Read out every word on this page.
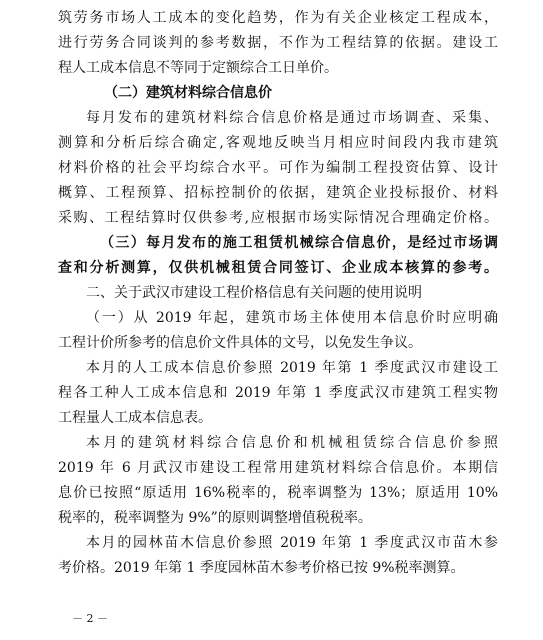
筑劳务市场人工成本的变化趋势，作为有关企业核定工程成本，
进行劳务合同谈判的参考数据，不作为工程结算的依据。建设工
程人工成本信息不等同于定额综合工日单价。
（二）建筑材料综合信息价
每月发布的建筑材料综合信息价格是通过市场调查、采集、
测算和分析后综合确定,客观地反映当月相应时间段内我市建筑
材料价格的社会平均综合水平。可作为编制工程投资估算、设计
概算、工程预算、招标控制价的依据，建筑企业投标报价、材料
采购、工程结算时仅供参考,应根据市场实际情况合理确定价格。
（三）每月发布的施工租赁机械综合信息价，是经过市场调
查和分析测算，仅供机械租赁合同签订、企业成本核算的参考。
二、关于武汉市建设工程价格信息有关问题的使用说明
（一）从 2019 年起，建筑市场主体使用本信息价时应明确
工程计价所参考的信息价文件具体的文号，以免发生争议。
本月的人工成本信息价参照 2019 年第 1 季度武汉市建设工
程各工种人工成本信息和 2019 年第 1 季度武汉市建筑工程实物
工程量人工成本信息表。
本月的建筑材料综合信息价和机械租赁综合信息价参照
2019 年 6 月武汉市建设工程常用建筑材料综合信息价。本期信
息价已按照“原适用 16%税率的，税率调整为 13%；原适用 10%
税率的，税率调整为 9%”的原则调整增值税税率。
本月的园林苗木信息价参照 2019 年第 1 季度武汉市苗木参
考价格。2019 年第 1 季度园林苗木参考价格已按 9%税率测算。
－ 2 －
